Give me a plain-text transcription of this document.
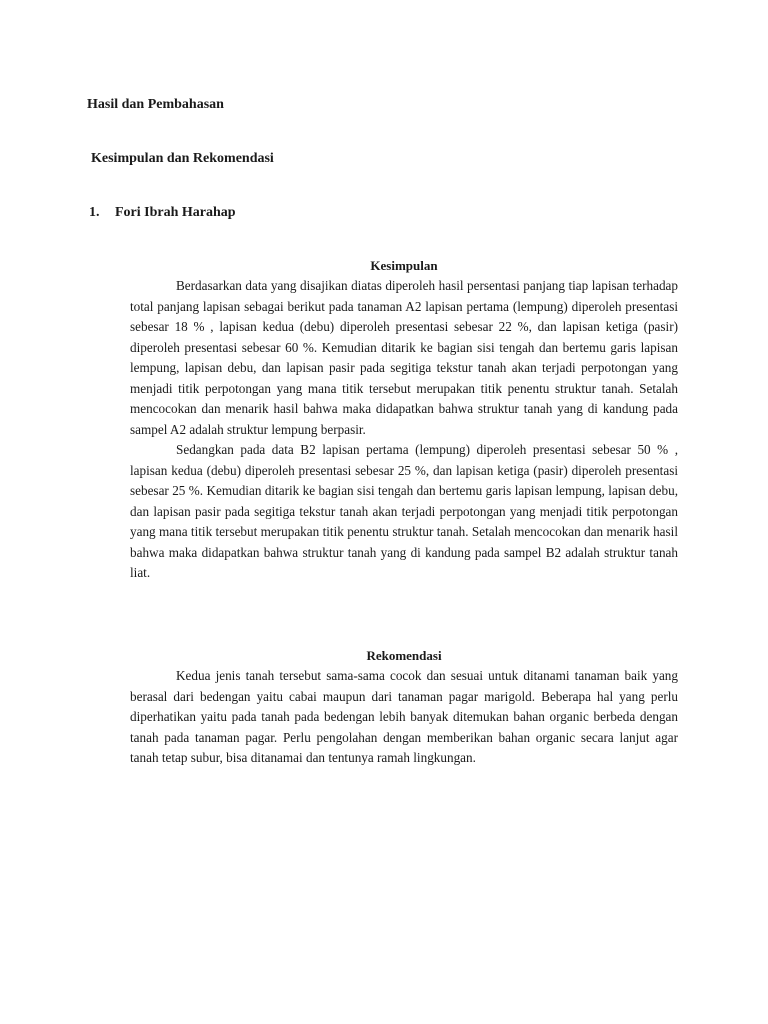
Hasil dan Pembahasan
Kesimpulan dan Rekomendasi
1. Fori Ibrah Harahap
Kesimpulan

Berdasarkan data yang disajikan diatas diperoleh hasil persentasi panjang tiap lapisan terhadap total panjang lapisan sebagai berikut pada tanaman A2 lapisan pertama (lempung) diperoleh presentasi sebesar 18 % , lapisan kedua (debu) diperoleh presentasi sebesar 22 %, dan lapisan ketiga (pasir) diperoleh presentasi sebesar 60 %. Kemudian ditarik ke bagian sisi tengah dan bertemu garis lapisan lempung, lapisan debu, dan lapisan pasir pada segitiga tekstur tanah akan terjadi perpotongan yang menjadi titik perpotongan yang mana titik tersebut merupakan titik penentu struktur tanah. Setalah mencocokan dan menarik hasil bahwa maka didapatkan bahwa struktur tanah yang di kandung pada sampel A2 adalah struktur lempung berpasir.

Sedangkan pada data B2 lapisan pertama (lempung) diperoleh presentasi sebesar 50 % , lapisan kedua (debu) diperoleh presentasi sebesar 25 %, dan lapisan ketiga (pasir) diperoleh presentasi sebesar 25 %. Kemudian ditarik ke bagian sisi tengah dan bertemu garis lapisan lempung, lapisan debu, dan lapisan pasir pada segitiga tekstur tanah akan terjadi perpotongan yang menjadi titik perpotongan yang mana titik tersebut merupakan titik penentu struktur tanah. Setalah mencocokan dan menarik hasil bahwa maka didapatkan bahwa struktur tanah yang di kandung pada sampel B2 adalah struktur tanah liat.

Rekomendasi

Kedua jenis tanah tersebut sama-sama cocok dan sesuai untuk ditanami tanaman baik yang berasal dari bedengan yaitu cabai maupun dari tanaman pagar marigold. Beberapa hal yang perlu diperhatikan yaitu pada tanah pada bedengan lebih banyak ditemukan bahan organic berbeda dengan tanah pada tanaman pagar. Perlu pengolahan dengan memberikan bahan organic secara lanjut agar tanah tetap subur, bisa ditanamai dan tentunya ramah lingkungan.
